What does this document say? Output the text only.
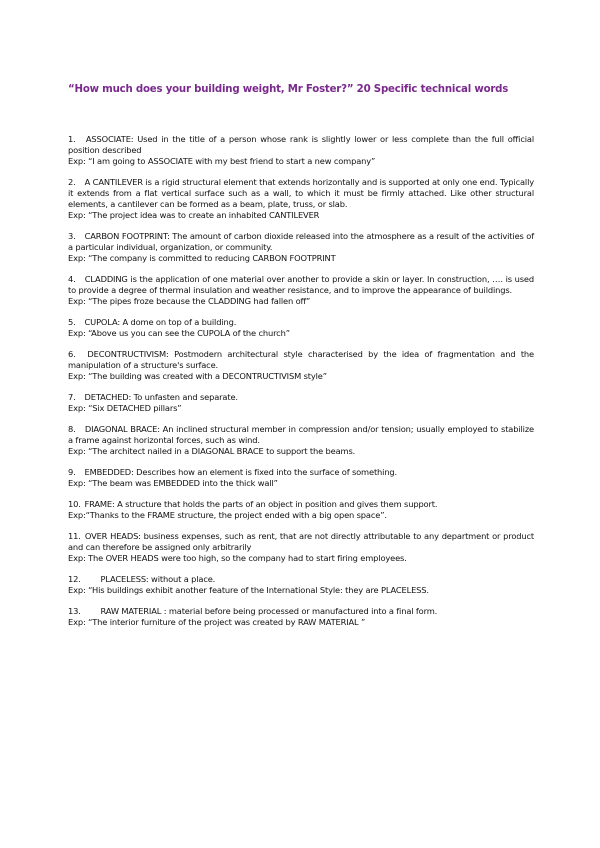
“How much does your building weight, Mr Foster?” 20 Specific technical words

1. ASSOCIATE: Used in the title of a person whose rank is slightly lower or less complete than the full official position described

Exp: “I am going to ASSOCIATE with my best friend to start a new company”

2. A CANTILEVER is a rigid structural element that extends horizontally and is supported at only one end. Typically it extends from a flat vertical surface such as a wall, to which it must be firmly attached. Like other structural elements, a cantilever can be formed as a beam, plate, truss, or slab.

Exp: “The project idea was to create an inhabited CANTILEVER

3. CARBON FOOTPRINT: The amount of carbon dioxide released into the atmosphere as a result of the activities of a particular individual, organization, or community.

Exp: “The company is committed to reducing CARBON FOOTPRINT

4. CLADDING is the application of one material over another to provide a skin or layer. In construction, …. is used to provide a degree of thermal insulation and weather resistance, and to improve the appearance of buildings.

Exp: “The pipes froze because the CLADDING had fallen off”

5. CUPOLA: A dome on top of a building.

Exp: “Above us you can see the CUPOLA of the church”

6. DECONTRUCTIVISM: Postmodern architectural style characterised by the idea of fragmentation and the manipulation of a structure's surface.

Exp: “The building was created with a DECONTRUCTIVISM style”

7. DETACHED: To unfasten and separate.

Exp: “Six DETACHED pillars”

8. DIAGONAL BRACE: An inclined structural member in compression and/or tension; usually employed to stabilize a frame against horizontal forces, such as wind.

Exp: “The architect nailed in a DIAGONAL BRACE to support the beams.

9. EMBEDDED: Describes how an element is fixed into the surface of something.

Exp: “The beam was EMBEDDED into the thick wall”

10. FRAME: A structure that holds the parts of an object in position and gives them support.

Exp:“Thanks to the FRAME structure, the project ended with a big open space”.

11. OVER HEADS: business expenses, such as rent, that are not directly attributable to any department or product and can therefore be assigned only arbitrarily

Exp: The OVER HEADS were too high, so the company had to start firing employees.

12. PLACELESS: without a place.

Exp: “His buildings exhibit another feature of the International Style: they are PLACELESS.

13. RAW MATERIAL : material before being processed or manufactured into a final form.

Exp: “The interior furniture of the project was created by RAW MATERIAL ”
